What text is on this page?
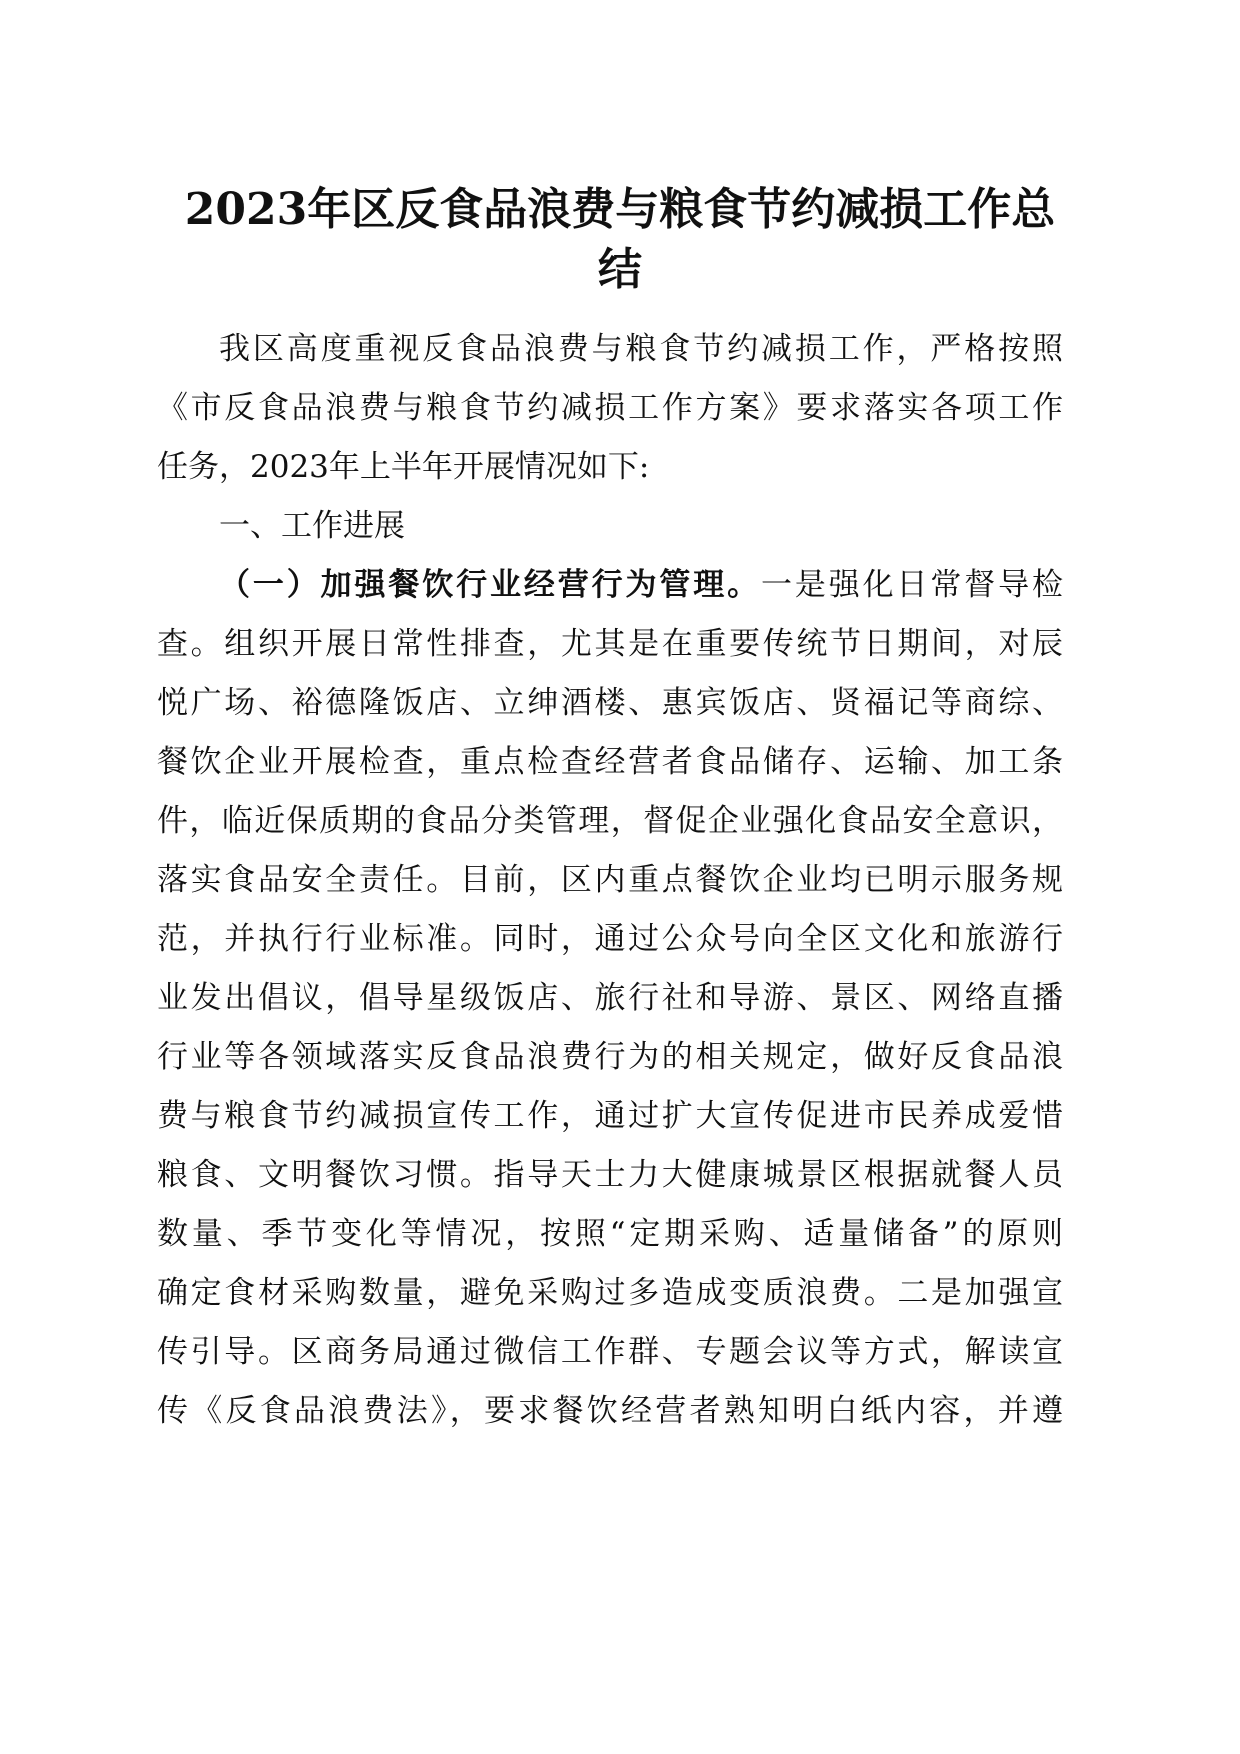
2023年区反食品浪费与粮食节约减损工作总
结
我区高度重视反食品浪费与粮食节约减损工作，严格按照
《市反食品浪费与粮食节约减损工作方案》要求落实各项工作
任务，2023年上半年开展情况如下:
一、工作进展
（一）加强餐饮行业经营行为管理。一是强化日常督导检
查。组织开展日常性排查，尤其是在重要传统节日期间，对辰
悦广场、裕德隆饭店、立绅酒楼、惠宾饭店、贤福记等商综、
餐饮企业开展检查，重点检查经营者食品储存、运输、加工条
件，临近保质期的食品分类管理，督促企业强化食品安全意识，
落实食品安全责任。目前，区内重点餐饮企业均已明示服务规
范，并执行行业标准。同时，通过公众号向全区文化和旅游行
业发出倡议，倡导星级饭店、旅行社和导游、景区、网络直播
行业等各领域落实反食品浪费行为的相关规定，做好反食品浪
费与粮食节约减损宣传工作，通过扩大宣传促进市民养成爱惜
粮食、文明餐饮习惯。指导天士力大健康城景区根据就餐人员
数量、季节变化等情况，按照“定期采购、适量储备”的原则
确定食材采购数量，避免采购过多造成变质浪费。二是加强宣
传引导。区商务局通过微信工作群、专题会议等方式，解读宣
传《反食品浪费法》，要求餐饮经营者熟知明白纸内容，并遵
